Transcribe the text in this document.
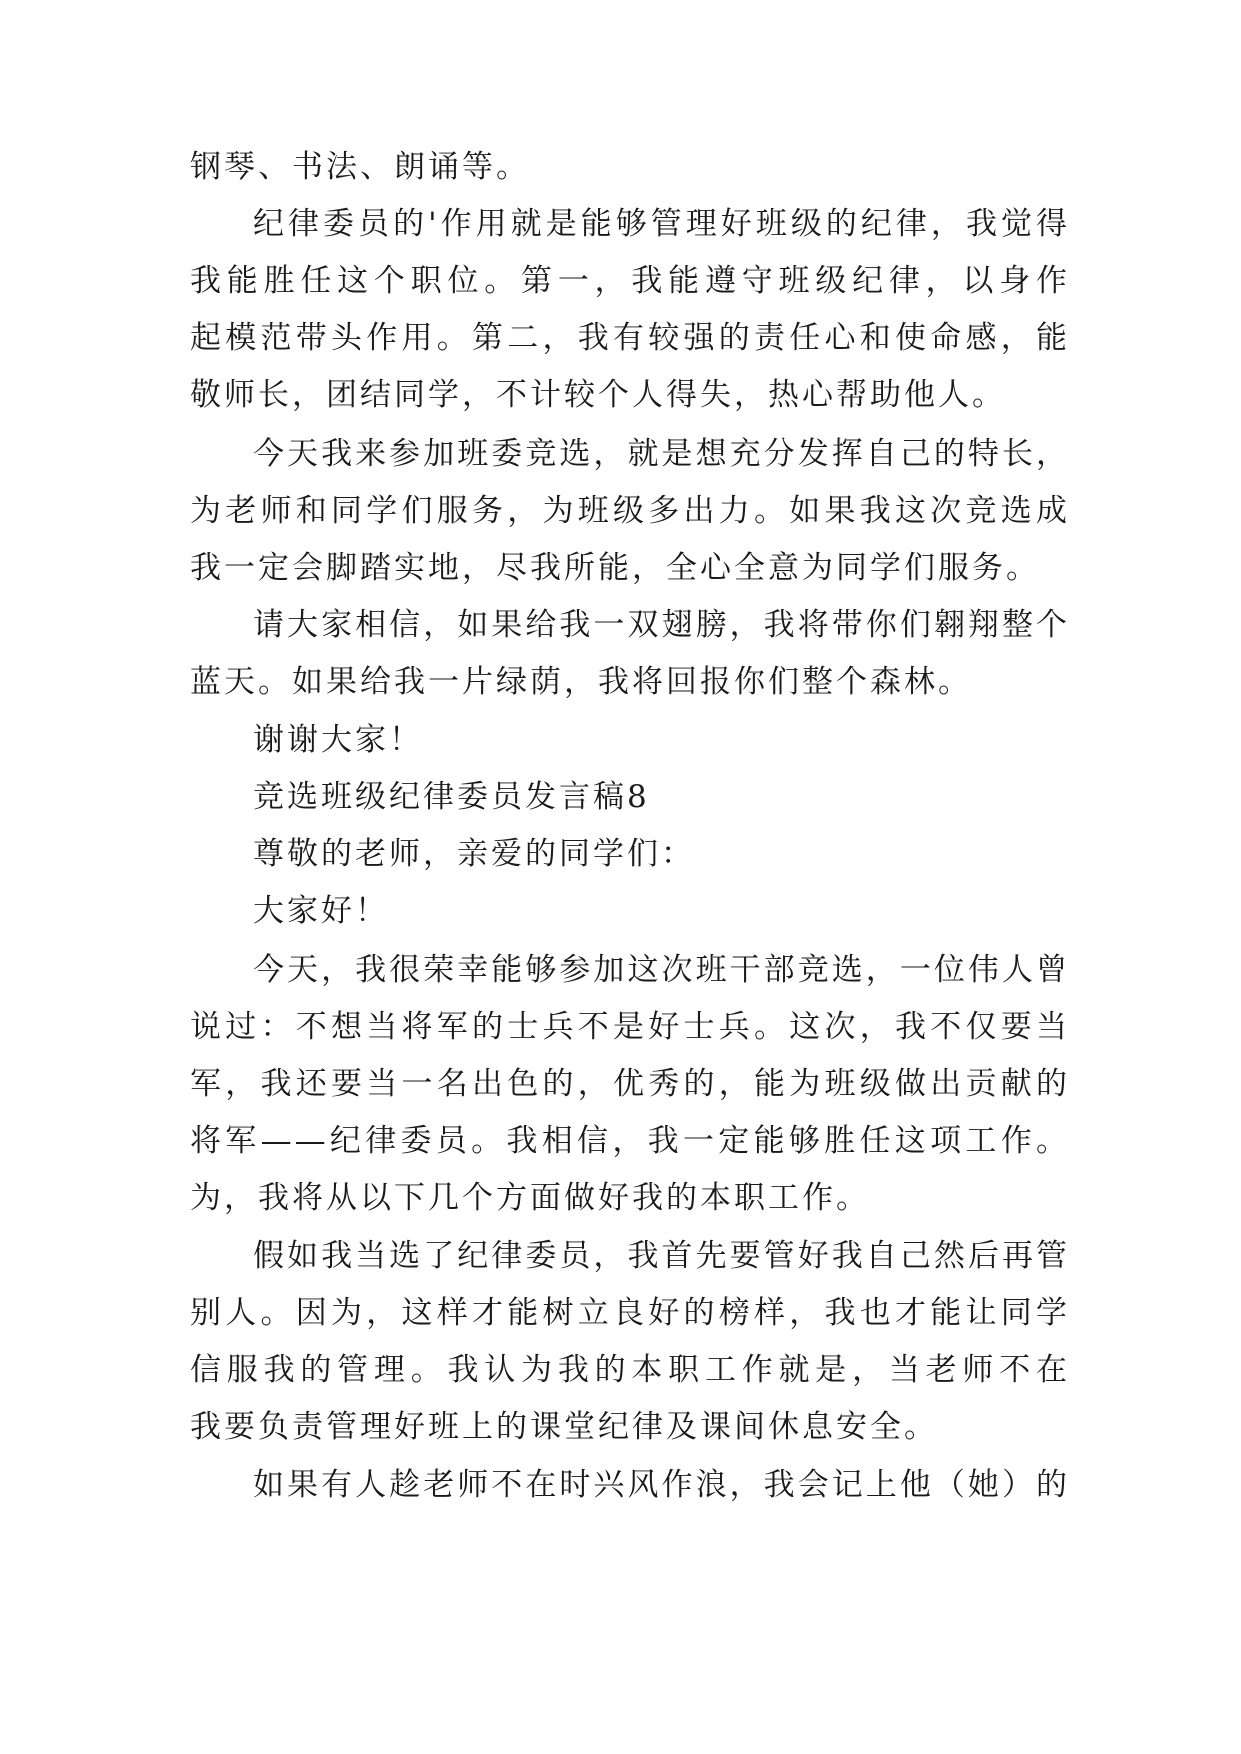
钢琴、书法、朗诵等。
纪律委员的'作用就是能够管理好班级的纪律，我觉得
我能胜任这个职位。第一，我能遵守班级纪律，以身作
起模范带头作用。第二，我有较强的责任心和使命感，能
敬师长，团结同学，不计较个人得失，热心帮助他人。
今天我来参加班委竞选，就是想充分发挥自己的特长，
为老师和同学们服务，为班级多出力。如果我这次竞选成
我一定会脚踏实地，尽我所能，全心全意为同学们服务。
请大家相信，如果给我一双翅膀，我将带你们翱翔整个
蓝天。如果给我一片绿荫，我将回报你们整个森林。
谢谢大家！
竞选班级纪律委员发言稿8
尊敬的老师，亲爱的同学们：
大家好！
今天，我很荣幸能够参加这次班干部竞选，一位伟人曾
说过：不想当将军的士兵不是好士兵。这次，我不仅要当
军，我还要当一名出色的，优秀的，能为班级做出贡献的
将军——纪律委员。我相信，我一定能够胜任这项工作。
为，我将从以下几个方面做好我的本职工作。
假如我当选了纪律委员，我首先要管好我自己然后再管
别人。因为，这样才能树立良好的榜样，我也才能让同学
信服我的管理。我认为我的本职工作就是，当老师不在
我要负责管理好班上的课堂纪律及课间休息安全。
如果有人趁老师不在时兴风作浪，我会记上他（她）的
